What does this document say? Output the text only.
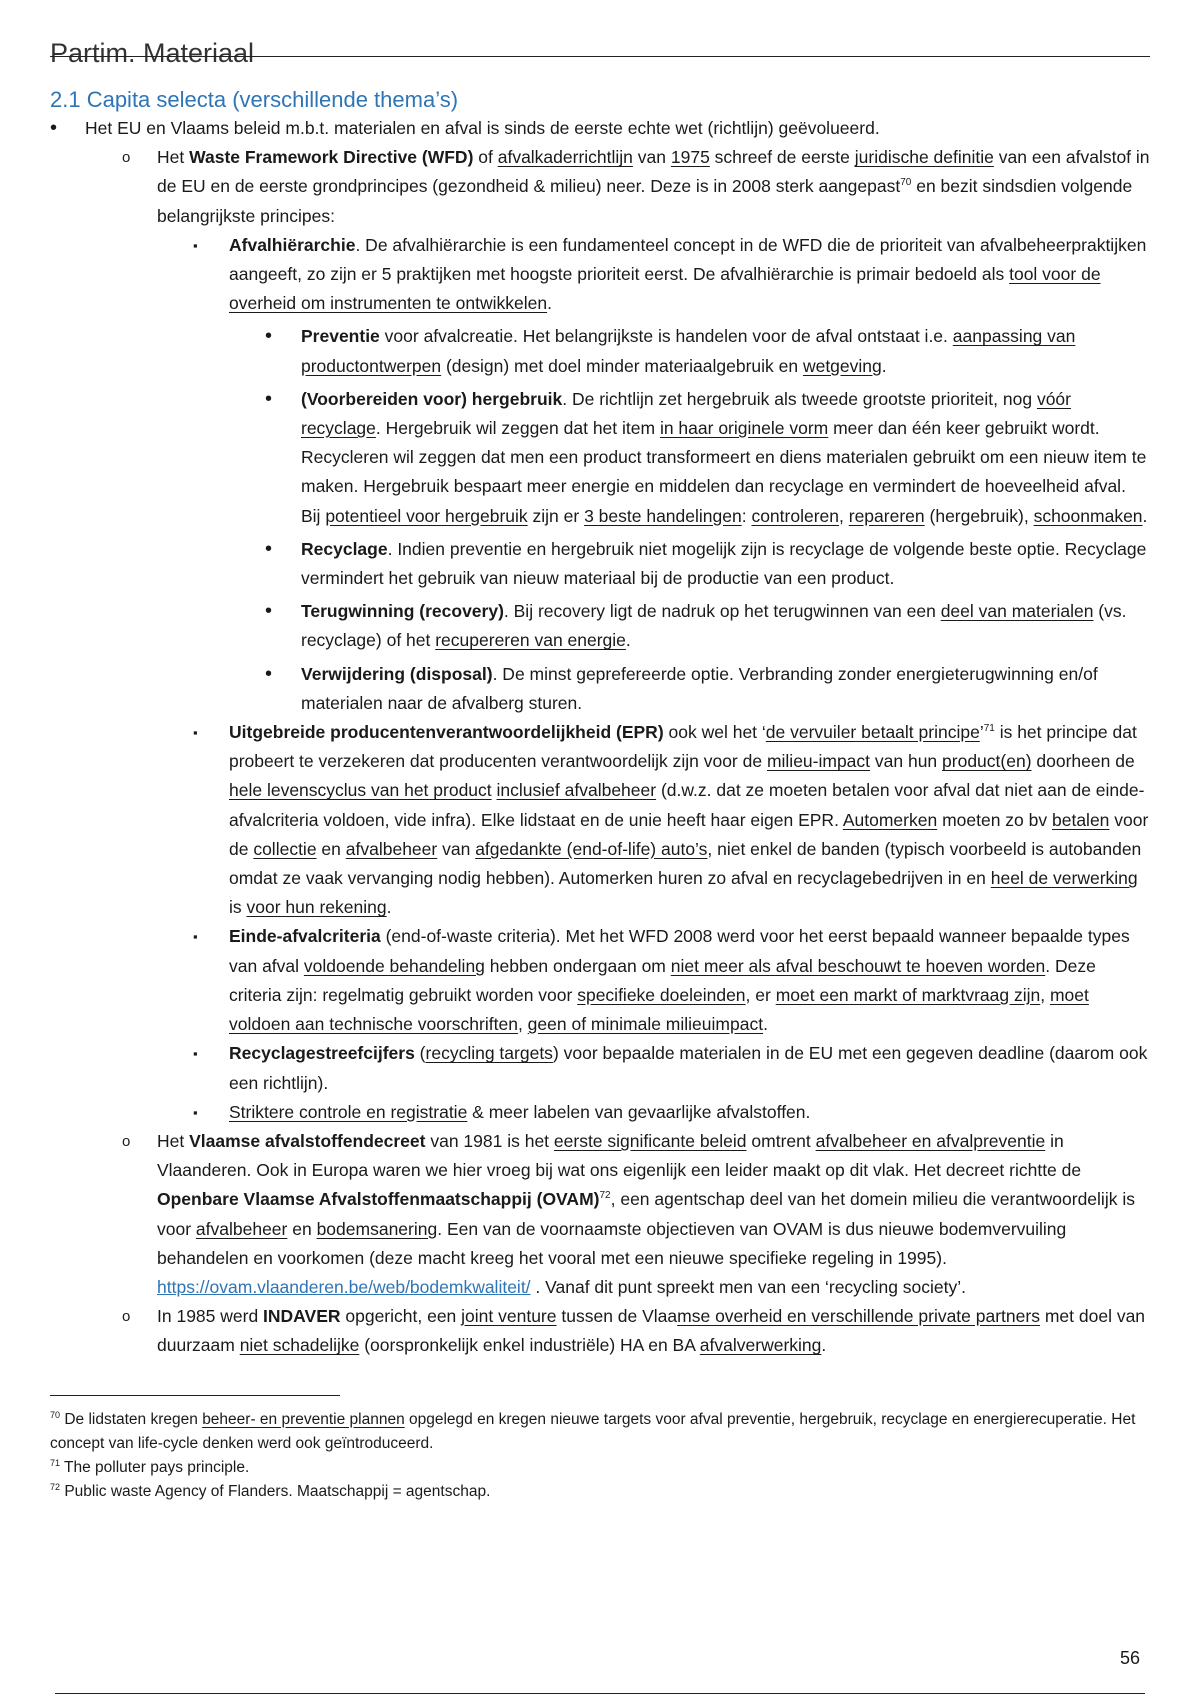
Partim. Materiaal
2.1 Capita selecta (verschillende thema’s)
• Het EU en Vlaams beleid m.b.t. materialen en afval is sinds de eerste echte wet (richtlijn) geëvolueerd.
o Het Waste Framework Directive (WFD) of afvalkaderrichtlijn van 1975 schreef de eerste juridische definitie van een afvalstof in de EU en de eerste grondprincipes (gezondheid & milieu) neer. Deze is in 2008 sterk aangepast$^{70}$ en bezit sindsdien volgende belangrijkste principes:
▪ Afvalhiërarchie. De afvalhiërarchie is een fundamenteel concept in de WFD die de prioriteit van afvalbeheerpraktijken aangeeft, zo zijn er 5 praktijken met hoogste prioriteit eerst. De afvalhiërarchie is primair bedoeld als tool voor de overheid om instrumenten te ontwikkelen.
• Preventie voor afvalcreatie. Het belangrijkste is handelen voor de afval ontstaat i.e. aanpassing van productontwerpen (design) met doel minder materiaalgebruik en wetgeving.
• (Voorbereiden voor) hergebruik. De richtlijn zet hergebruik als tweede grootste prioriteit, nog vóór recyclage. Hergebruik wil zeggen dat het item in haar originele vorm meer dan één keer gebruikt wordt. Recycleren wil zeggen dat men een product transformeert en diens materialen gebruikt om een nieuw item te maken. Hergebruik bespaart meer energie en middelen dan recyclage en vermindert de hoeveelheid afval. Bij potentieel voor hergebruik zijn er 3 beste handelingen: controleren, repareren (hergebruik), schoonmaken.
• Recyclage. Indien preventie en hergebruik niet mogelijk zijn is recyclage de volgende beste optie. Recyclage vermindert het gebruik van nieuw materiaal bij de productie van een product.
• Terugwinning (recovery). Bij recovery ligt de nadruk op het terugwinnen van een deel van materialen (vs. recyclage) of het recupereren van energie.
• Verwijdering (disposal). De minst geprefereerde optie. Verbranding zonder energieterugwinning en/of materialen naar de afvalberg sturen.
▪ Uitgebreide producentenverantwoordelijkheid (EPR) ook wel het ‘de vervuiler betaalt principe’$^{71}$ is het principe dat probeert te verzekeren dat producenten verantwoordelijk zijn voor de milieu-impact van hun product(en) doorheen de hele levenscyclus van het product inclusief afvalbeheer (d.w.z. dat ze moeten betalen voor afval dat niet aan de einde-afvalcriteria voldoen, vide infra). Elke lidstaat en de unie heeft haar eigen EPR. Automerken moeten zo bv betalen voor de collectie en afvalbeheer van afgedankte (end-of-life) auto’s, niet enkel de banden (typisch voorbeeld is autobanden omdat ze vaak vervanging nodig hebben). Automerken huren zo afval en recyclagebedrijven in en heel de verwerking is voor hun rekening.
▪ Einde-afvalcriteria (end-of-waste criteria). Met het WFD 2008 werd voor het eerst bepaald wanneer bepaalde types van afval voldoende behandeling hebben ondergaan om niet meer als afval beschouwt te hoeven worden. Deze criteria zijn: regelmatig gebruikt worden voor specifieke doeleinden, er moet een markt of marktvraag zijn, moet voldoen aan technische voorschriften, geen of minimale milieuimpact.
▪ Recyclagestreefcijfers (recycling targets) voor bepaalde materialen in de EU met een gegeven deadline (daarom ook een richtlijn).
▪ Striktere controle en registratie & meer labelen van gevaarlijke afvalstoffen.
o Het Vlaamse afvalstoffendecreet van 1981 is het eerste significante beleid omtrent afvalbeheer en afvalpreventie in Vlaanderen. Ook in Europa waren we hier vroeg bij wat ons eigenlijk een leider maakt op dit vlak. Het decreet richtte de Openbare Vlaamse Afvalstoffenmaatschappij (OVAM)$^{72}$, een agentschap deel van het domein milieu die verantwoordelijk is voor afvalbeheer en bodemsanering. Een van de voornaamste objectieven van OVAM is dus nieuwe bodemvervuiling behandelen en voorkomen (deze macht kreeg het vooral met een nieuwe specifieke regeling in 1995). https://ovam.vlaanderen.be/web/bodemkwaliteit/ . Vanaf dit punt spreekt men van een ‘recycling society’.
o In 1985 werd INDAVER opgericht, een joint venture tussen de Vlaamse overheid en verschillende private partners met doel van duurzaam niet schadelijke (oorspronkelijk enkel industriële) HA en BA afvalverwerking.
$^{70}$ De lidstaten kregen beheer- en preventie plannen opgelegd en kregen nieuwe targets voor afval preventie, hergebruik, recyclage en energierecuperatie. Het concept van life-cycle denken werd ook geïntroduceerd.
$^{71}$ The polluter pays principle.
$^{72}$ Public waste Agency of Flanders. Maatschappij = agentschap.
56
